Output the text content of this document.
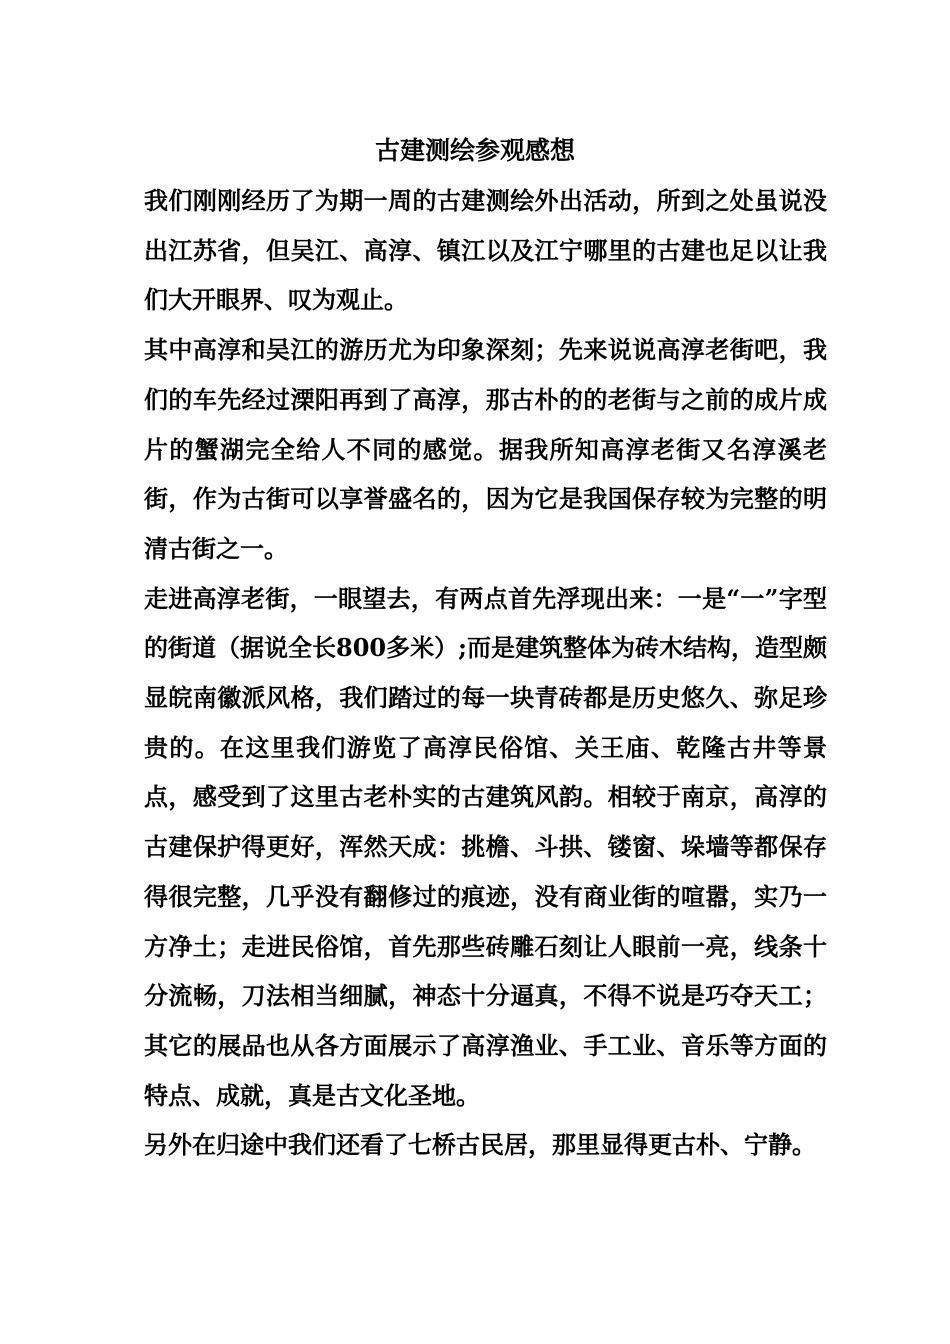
古建测绘参观感想

我们刚刚经历了为期一周的古建测绘外出活动，所到之处虽说没出江苏省，但吴江、高淳、镇江以及江宁哪里的古建也足以让我们大开眼界、叹为观止。

其中高淳和吴江的游历尤为印象深刻；先来说说高淳老街吧，我们的车先经过溧阳再到了高淳，那古朴的的老街与之前的成片成片的蟹湖完全给人不同的感觉。据我所知高淳老街又名淳溪老街，作为古街可以享誉盛名的，因为它是我国保存较为完整的明清古街之一。

走进高淳老街，一眼望去，有两点首先浮现出来：一是“一”字型的街道（据说全长800多米）;而是建筑整体为砖木结构，造型颇显皖南徽派风格，我们踏过的每一块青砖都是历史悠久、弥足珍贵的。在这里我们游览了高淳民俗馆、关王庙、乾隆古井等景点，感受到了这里古老朴实的古建筑风韵。相较于南京，高淳的古建保护得更好，浑然天成：挑檐、斗拱、镂窗、垛墙等都保存得很完整，几乎没有翻修过的痕迹，没有商业街的喧嚣，实乃一方净土；走进民俗馆，首先那些砖雕石刻让人眼前一亮，线条十分流畅，刀法相当细腻，神态十分逼真，不得不说是巧夺天工；其它的展品也从各方面展示了高淳渔业、手工业、音乐等方面的特点、成就，真是古文化圣地。

另外在归途中我们还看了七桥古民居，那里显得更古朴、宁静。
